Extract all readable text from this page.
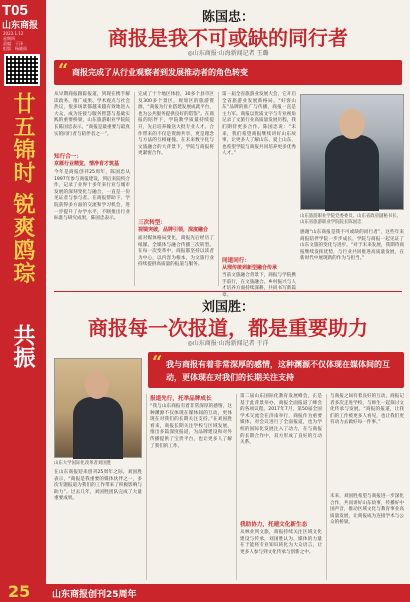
T05
山东商报
2023.1.12
星期四
责编：于泽
组版：杨晓雨
廿五锦时 锐爽鸥琮
共振
陈国忠：
商报是我不可或缺的同行者
◎山东商报·山海新闻记者 王璐
“ 商报完成了从行业观察者到发展推动者的角色转变
从早期商报跟踪报道，到现在携手解读政务、推广成果、学术观点与社会热议，很多场景都越来越有效地进入大众，成为连接与服务智慧与基础实践的重要桥梁，山东旅游职业学院院长陈国忠表示，“商报是最重要与最真实的同行者与陪伴者之一”。
知行合一：
京雁行业精览，情净育才筑基
今年是商报创刊25周年，陈国忠从1997年参与商报建设，到后来院校合作，记录了业界十多年来行业与城市发展的深刻变化与融合，一直是一份见证者与参与者。在商报帮助下，学院获得多方面的交流和学习机会，进一步提升了办学水平，不断推出行业标准与研究成果，陈国忠表示。
完成了十个地区体验，30多个县市区及300多个景区，规划区的旅游资源，“商报为行业搭建发展成就平台，也为公共服务提供良好的借鉴”。在商报的陪伴下，学院教学质量持续提升，先后培养输送大批专业人才。合作带来的不仅是资源共享，更是理念与方法的互相碰撞。在未来数字化与文旅融合的大背景下，学院与商报将更紧密合作。
三次转型：
视镜突破，品牌引领，深度融合
面对媒体格局变化，商报先后经历了纸媒、全媒体与融合传播三次转型。在每一次变革中，商报都坚持以读者为中心，以内容为根本，为文旅行业持续提供高质量的报道与服务。
第一届全省旅游业发展大会，它开启全省旅游业发展新格局。“好客山东”品牌的推广与传播，商报一直是主力军。商报以优质文字与专业视角记录了文旅行业高质量发展历程，我们期待更多合作。陈国忠说：“未来，我们希望商报继续讲好山东故事，让更多人了解山东、爱上山东，也希望学院与商报共同培养更多优秀人才。”
同道同行：
从理传统到新型融合传承
当前文旅融合背景下，商报与学院携手前行，在文旅融合、乡村振兴与人才培养方面持续深耕，共同书写新篇章。
山东旅游职业学院党委委员、山东省政府副秘书长、山东省旅游职业学院院长陈国忠
感谢“山东商报是我不可或缺的同行者”，这些年来商报陪伴学院一步步成长，学院与商报一起见证了山东文旅的变化与进步。“对于未来发展，我期待商报继续发挥优势，与行业共同推进高质量发展，在新时代中展现新的作为与担当。”
刘国胜：
商报每一次报道，都是重要助力
◎山东商报·山海新闻记者 于洋
“ 我与商报有着非常深厚的感情，这种渊源不仅体现在媒体间的互动，更体现在对我们的长期关注支持
山东大学国际化改革者刘国胜
在山东商报迎来创刊25周年之际，刘国胜表示，“商报是我重要的媒体伙伴之一，多次专题报道为我们的工作带来了积极影响与助力”。过去几年，刘国胜团队完成了大量重要成果。
报道先行，托举品牌成长
“我与山东商报有着非常深厚的感情，这种渊源不仅体现在媒体间的互动，更体现在对我们的长期关注支持。”在刘国胜看来，商报长期关注学校与区域发展，推出多篇深度报道，为品牌建设和对外传播提供了宝贵平台，也让更多人了解了我们的工作。
第二届山东国际化教育发展峰会，正是基于此背景举办，商报全面报道了峰会的各项议程。2017年7月，第50届全国学术交流会在济南举行，商报作为重要媒体，对会议进行了全面报道，也为学校的国际化发展注入了动力，在与商报的长期合作中，双方形成了良好的互动关系。
我助协力，托建文化新生态
从林业到文旅，商报持续关注区域文化建设与传承，刘国胜认为，媒体的力量在于能将专业知识转化为大众语言，让更多人参与到文化传承与创新之中。
与商报之间有着良好的互动，商报记者多次走进学校，与师生一起探讨文化传承与发展。“商报的报道，让我们的工作被更多人看见，也让我们更有动力去做好每一件事。”
未来，刘国胜希望与商报进一步深化合作，共同讲好山东故事，传播好中国声音，推动区域文化与教育事业高质量发展，让商报成为连接学术与公众的桥梁。
25 山东商报创刊25周年
